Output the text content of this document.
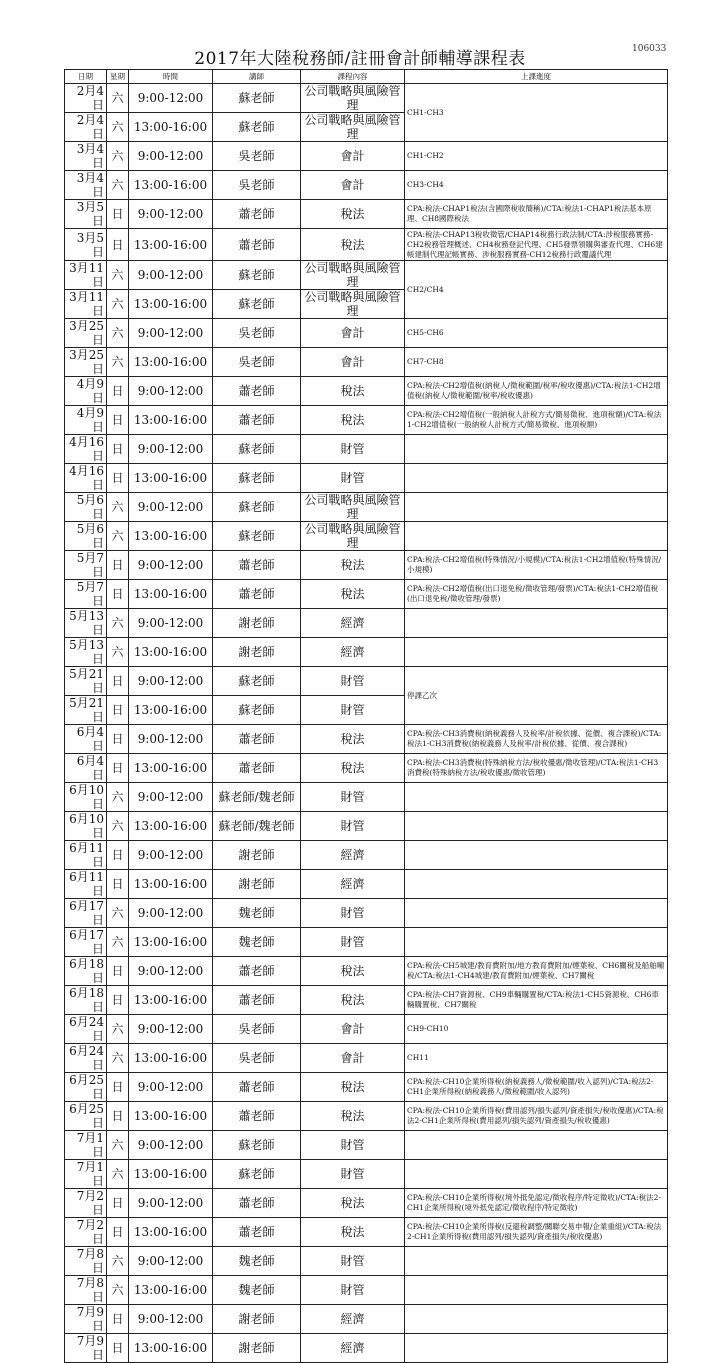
2017年大陸稅務師/註冊會計師輔導課程表	106033
日期	星期	時間	講師	課程內容	上課進度
2月4日	六	9:00-12:00	蘇老師	公司戰略與風險管理	CH1-CH3
2月4日	六	13:00-16:00	蘇老師	公司戰略與風險管理	
3月4日	六	9:00-12:00	吳老師	會計	CH1-CH2
3月4日	六	13:00-16:00	吳老師	會計	CH3-CH4
3月5日	日	9:00-12:00	蕭老師	稅法	CPA:稅法-CHAP1稅法(含國際稅收簡稱)/CTA:稅法1-CHAP1稅法基本原理、CH8國際稅法
3月5日	日	13:00-16:00	蕭老師	稅法	CPA:稅法-CHAP13稅收徵管/CHAP14稅務行政法制/CTA:涉稅服務實務-CH2稅務管理概述、CH4稅務登記代理、CH5發票領購與審查代理、CH6建帳建制代理記帳實務、涉稅服務實務-CH12稅務行政覆議代理
3月11日	六	9:00-12:00	蘇老師	公司戰略與風險管理	CH2/CH4
3月11日	六	13:00-16:00	蘇老師	公司戰略與風險管理	
3月25日	六	9:00-12:00	吳老師	會計	CH5-CH6
3月25日	六	13:00-16:00	吳老師	會計	CH7-CH8
4月9日	日	9:00-12:00	蕭老師	稅法	CPA:稅法-CH2增值稅(納稅人/徵稅範圍/稅率/稅收優惠)/CTA:稅法1-CH2增值稅(納稅人/徵稅範圍/稅率/稅收優惠)
4月9日	日	13:00-16:00	蕭老師	稅法	CPA:稅法-CH2增值稅(一般納稅人計稅方式/簡易徵稅、進項稅額)/CTA:稅法1-CH2增值稅(一般納稅人計稅方式/簡易徵稅、進項稅額)
4月16日	日	9:00-12:00	蘇老師	財管	
4月16日	日	13:00-16:00	蘇老師	財管	
5月6日	六	9:00-12:00	蘇老師	公司戰略與風險管理	
5月6日	六	13:00-16:00	蘇老師	公司戰略與風險管理	
5月7日	日	9:00-12:00	蕭老師	稅法	CPA:稅法-CH2增值稅(特殊情況/小規模)/CTA:稅法1-CH2增值稅(特殊情況/小規模)
5月7日	日	13:00-16:00	蕭老師	稅法	CPA:稅法-CH2增值稅(出口退免稅/徵收管理/發票)/CTA:稅法1-CH2增值稅(出口退免稅/徵收管理/發票)
5月13日	六	9:00-12:00	謝老師	經濟	
5月13日	六	13:00-16:00	謝老師	經濟	
5月21日	日	9:00-12:00	蘇老師	財管	停課乙次
5月21日	日	13:00-16:00	蘇老師	財管	
6月4日	日	9:00-12:00	蕭老師	稅法	CPA:稅法-CH3消費稅(納稅義務人及稅率/計稅依據、從價、複合課稅)/CTA:稅法1-CH3消費稅(納稅義務人及稅率/計稅依據、從價、複合課稅)
6月4日	日	13:00-16:00	蕭老師	稅法	CPA:稅法-CH3消費稅(特殊納稅方法/稅收優惠/徵收管理)/CTA:稅法1-CH3消費稅(特殊納稅方法/稅收優惠/徵收管理)
6月10日	六	9:00-12:00	蘇老師/魏老師	財管	
6月10日	六	13:00-16:00	蘇老師/魏老師	財管	
6月11日	日	9:00-12:00	謝老師	經濟	
6月11日	日	13:00-16:00	謝老師	經濟	
6月17日	六	9:00-12:00	魏老師	財管	
6月17日	六	13:00-16:00	魏老師	財管	
6月18日	日	9:00-12:00	蕭老師	稅法	CPA:稅法-CH5城建/教育費附加/地方教育費附加/煙葉稅、CH6關稅及船舶噸稅/CTA:稅法1-CH4城建/教育費附加/煙葉稅、CH7關稅
6月18日	日	13:00-16:00	蕭老師	稅法	CPA:稅法-CH7資源稅、CH9車輛購置稅/CTA:稅法1-CH5資源稅、CH6車輛購置稅、CH7關稅
6月24日	六	9:00-12:00	吳老師	會計	CH9-CH10
6月24日	六	13:00-16:00	吳老師	會計	CH11
6月25日	日	9:00-12:00	蕭老師	稅法	CPA:稅法-CH10企業所得稅(納稅義務人/徵稅範圍/收入認列)/CTA:稅法2-CH1企業所得稅(納稅義務人/徵稅範圍/收入認列)
6月25日	日	13:00-16:00	蕭老師	稅法	CPA:稅法-CH10企業所得稅(費用認列/損失認列/資產損失/稅收優惠)/CTA:稅法2-CH1企業所得稅(費用認列/損失認列/資產損失/稅收優惠)
7月1日	六	9:00-12:00	蘇老師	財管	
7月1日	六	13:00-16:00	蘇老師	財管	
7月2日	日	9:00-12:00	蕭老師	稅法	CPA:稅法-CH10企業所得稅(境外抵免認定/徵收程序/特定徵收)/CTA:稅法2-CH1企業所得稅(境外抵免認定/徵收程序/特定徵收)
7月2日	日	13:00-16:00	蕭老師	稅法	CPA:稅法-CH10企業所得稅(反避稅調整/關聯交易申報/企業重組)/CTA:稅法2-CH1企業所得稅(費用認列/損失認列/資產損失/稅收優惠)
7月8日	六	9:00-12:00	魏老師	財管	
7月8日	六	13:00-16:00	魏老師	財管	
7月9日	日	9:00-12:00	謝老師	經濟	
7月9日	日	13:00-16:00	謝老師	經濟	
